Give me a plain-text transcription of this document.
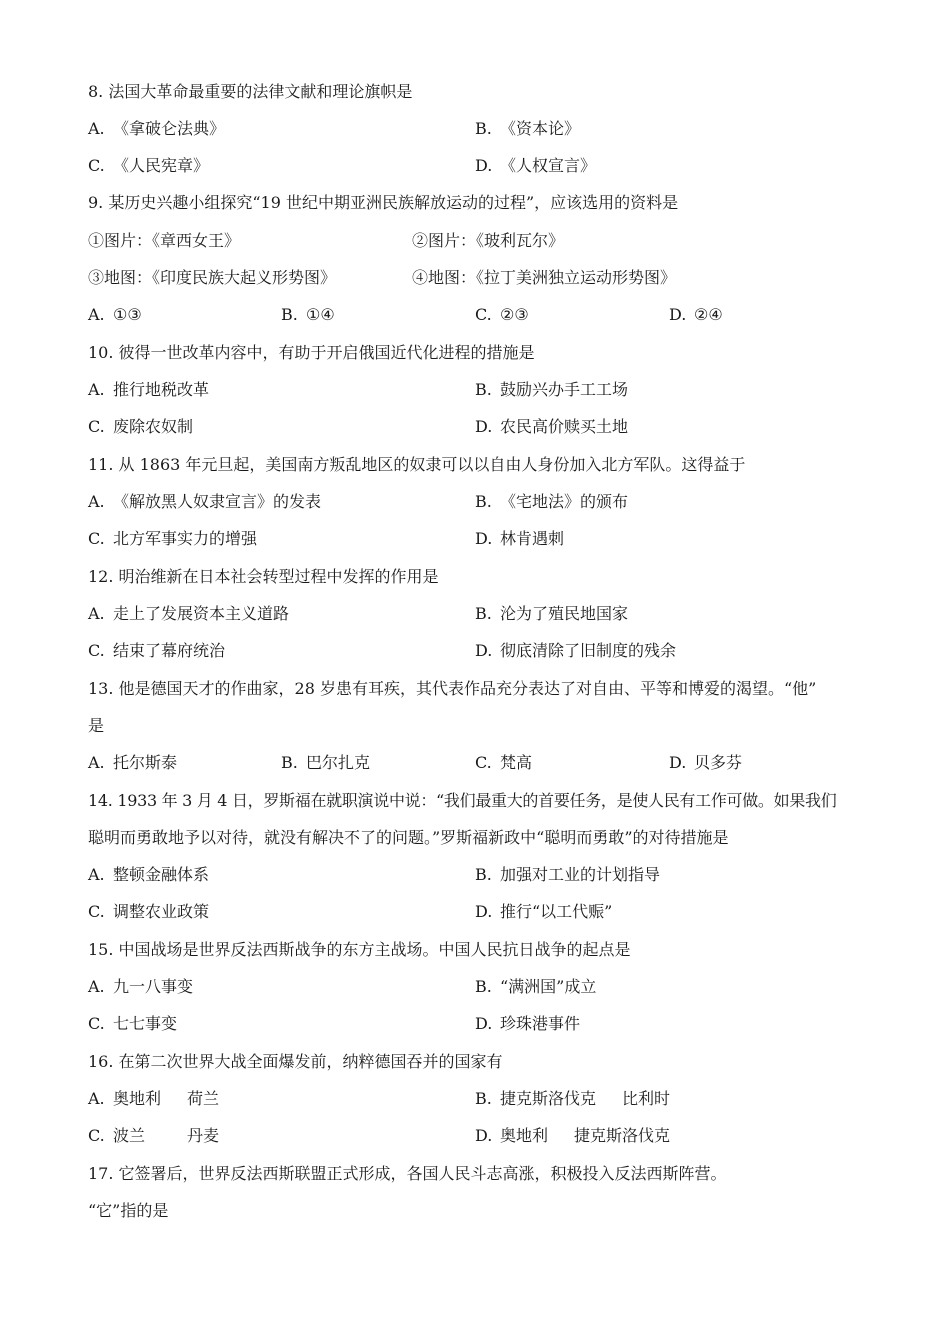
8. 法国大革命最重要的法律文献和理论旗帜是
A. 《拿破仑法典》	B. 《资本论》
C. 《人民宪章》	D. 《人权宣言》
9. 某历史兴趣小组探究“19 世纪中期亚洲民族解放运动的过程”，应该选用的资料是
①图片：《章西女王》	②图片：《玻利瓦尔》
③地图：《印度民族大起义形势图》	④地图：《拉丁美洲独立运动形势图》
A. ①③	B. ①④	C. ②③	D. ②④
10. 彼得一世改革内容中，有助于开启俄国近代化进程的措施是
A. 推行地税改革	B. 鼓励兴办手工工场
C. 废除农奴制	D. 农民高价赎买土地
11. 从 1863 年元旦起，美国南方叛乱地区的奴隶可以以自由人身份加入北方军队。这得益于
A. 《解放黑人奴隶宣言》的发表	B. 《宅地法》的颁布
C. 北方军事实力的增强	D. 林肯遇刺
12. 明治维新在日本社会转型过程中发挥的作用是
A. 走上了发展资本主义道路	B. 沦为了殖民地国家
C. 结束了幕府统治	D. 彻底清除了旧制度的残余
13. 他是德国天才的作曲家，28 岁患有耳疾，其代表作品充分表达了对自由、平等和博爱的渴望。“他”
是
A. 托尔斯泰	B. 巴尔扎克	C. 梵高	D. 贝多芬
14. 1933 年 3 月 4 日，罗斯福在就职演说中说：“我们最重大的首要任务，是使人民有工作可做。如果我们
聪明而勇敢地予以对待，就没有解决不了的问题。”罗斯福新政中“聪明而勇敢”的对待措施是
A. 整顿金融体系	B. 加强对工业的计划指导
C. 调整农业政策	D. 推行“以工代赈”
15. 中国战场是世界反法西斯战争的东方主战场。中国人民抗日战争的起点是
A. 九一八事变	B. “满洲国”成立
C. 七七事变	D. 珍珠港事件
16. 在第二次世界大战全面爆发前，纳粹德国吞并的国家有
A. 奥地利 荷兰	B. 捷克斯洛伐克 比利时
C. 波兰	丹麦	D. 奥地利 捷克斯洛伐克
17. 它签署后，世界反法西斯联盟正式形成，各国人民斗志高涨，积极投入反法西斯阵营。
“它”指的是
